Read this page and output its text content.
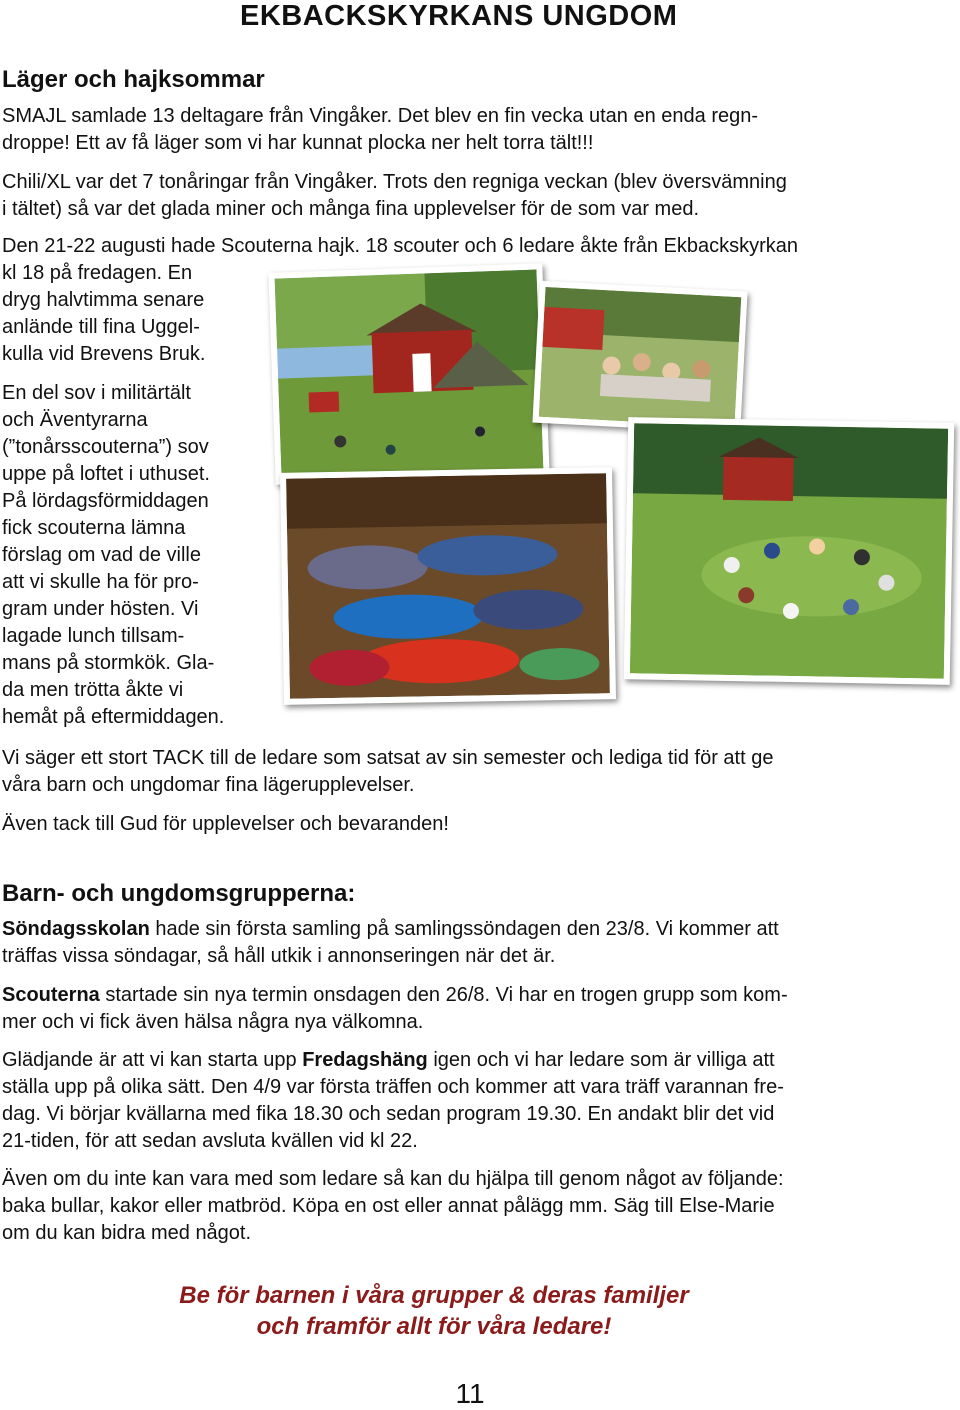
EKBACKSKYRKANS UNGDOM
Läger och hajksommar
SMAJL samlade 13 deltagare från Vingåker. Det blev en fin vecka utan en enda regn-
droppe! Ett av få läger som vi har kunnat plocka ner helt torra tält!!!
Chili/XL var det 7 tonåringar från Vingåker. Trots den regniga veckan (blev översvämning
i tältet) så var det glada miner och många fina upplevelser för de som var med.
Den 21-22 augusti hade Scouterna hajk. 18 scouter och 6 ledare åkte från Ekbackskyrkan
kl 18 på fredagen. En
dryg halvtimma senare
anlände till fina Uggel-
kulla vid Brevens Bruk.
En del sov i militärtält
och Äventyrarna
(”tonårsscouterna”) sov
uppe på loftet i uthuset.
På lördagsförmiddagen
fick scouterna lämna
förslag om vad de ville
att vi skulle ha för pro-
gram under hösten. Vi
lagade lunch tillsam-
mans på stormkök. Gla-
da men trötta åkte vi
hemåt på eftermiddagen.
Vi säger ett stort TACK till de ledare som satsat av sin semester och lediga tid för att ge
våra barn och ungdomar fina lägerupplevelser.
Även tack till Gud för upplevelser och bevaranden!
Barn- och ungdomsgrupperna:
Söndagsskolan hade sin första samling på samlingssöndagen den 23/8. Vi kommer att
träffas vissa söndagar, så håll utkik i annonseringen när det är.
Scouterna startade sin nya termin onsdagen den 26/8. Vi har en trogen grupp som kom-
mer och vi fick även hälsa några nya välkomna.
Glädjande är att vi kan starta upp Fredagshäng igen och vi har ledare som är villiga att
ställa upp på olika sätt. Den 4/9 var första träffen och kommer att vara träff varannan fre-
dag. Vi börjar kvällarna med fika 18.30 och sedan program 19.30. En andakt blir det vid
21-tiden, för att sedan avsluta kvällen vid kl 22.
Även om du inte kan vara med som ledare så kan du hjälpa till genom något av följande:
baka bullar, kakor eller matbröd. Köpa en ost eller annat pålägg mm. Säg till Else-Marie
om du kan bidra med något.
Be för barnen i våra grupper & deras familjer
och framför allt för våra ledare!
11
